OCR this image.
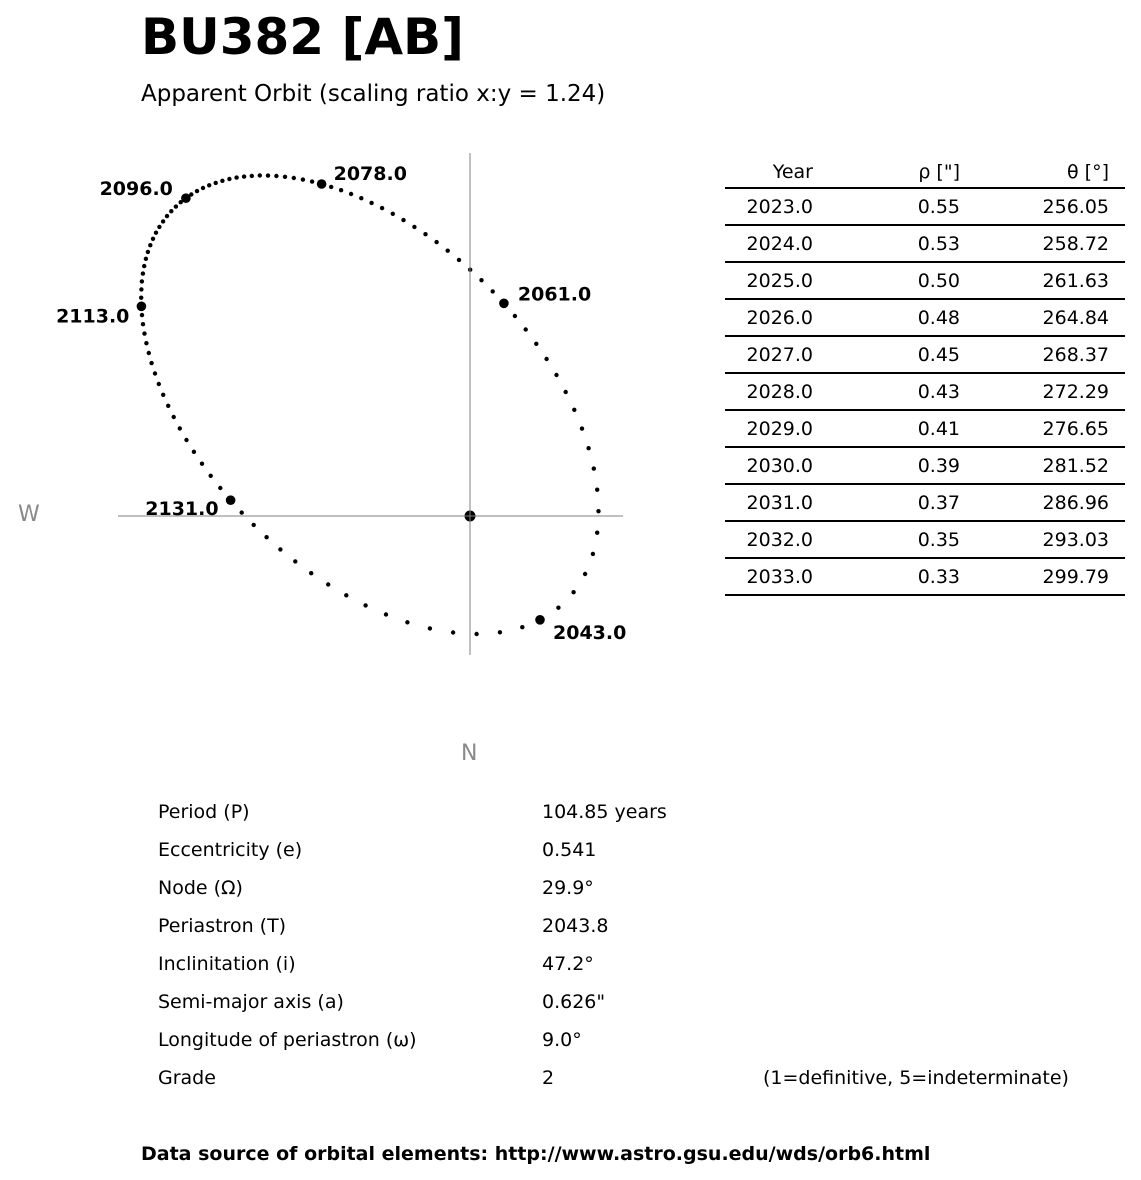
BU382 [AB]
Apparent Orbit (scaling ratio x:y = 1.24)
2043.0
2061.0
2078.0
2096.0
2113.0
2131.0
W
N
Year	ρ ["]	θ [°]
2023.0	0.55	256.05
2024.0	0.53	258.72
2025.0	0.50	261.63
2026.0	0.48	264.84
2027.0	0.45	268.37
2028.0	0.43	272.29
2029.0	0.41	276.65
2030.0	0.39	281.52
2031.0	0.37	286.96
2032.0	0.35	293.03
2033.0	0.33	299.79
Period (P)	104.85 years
Eccentricity (e)	0.541
Node (Ω)	29.9°
Periastron (T)	2043.8
Inclinitation (i)	47.2°
Semi-major axis (a)	0.626"
Longitude of periastron (ω)	9.0°
Grade	2	(1=definitive, 5=indeterminate)
Data source of orbital elements: http://www.astro.gsu.edu/wds/orb6.html
